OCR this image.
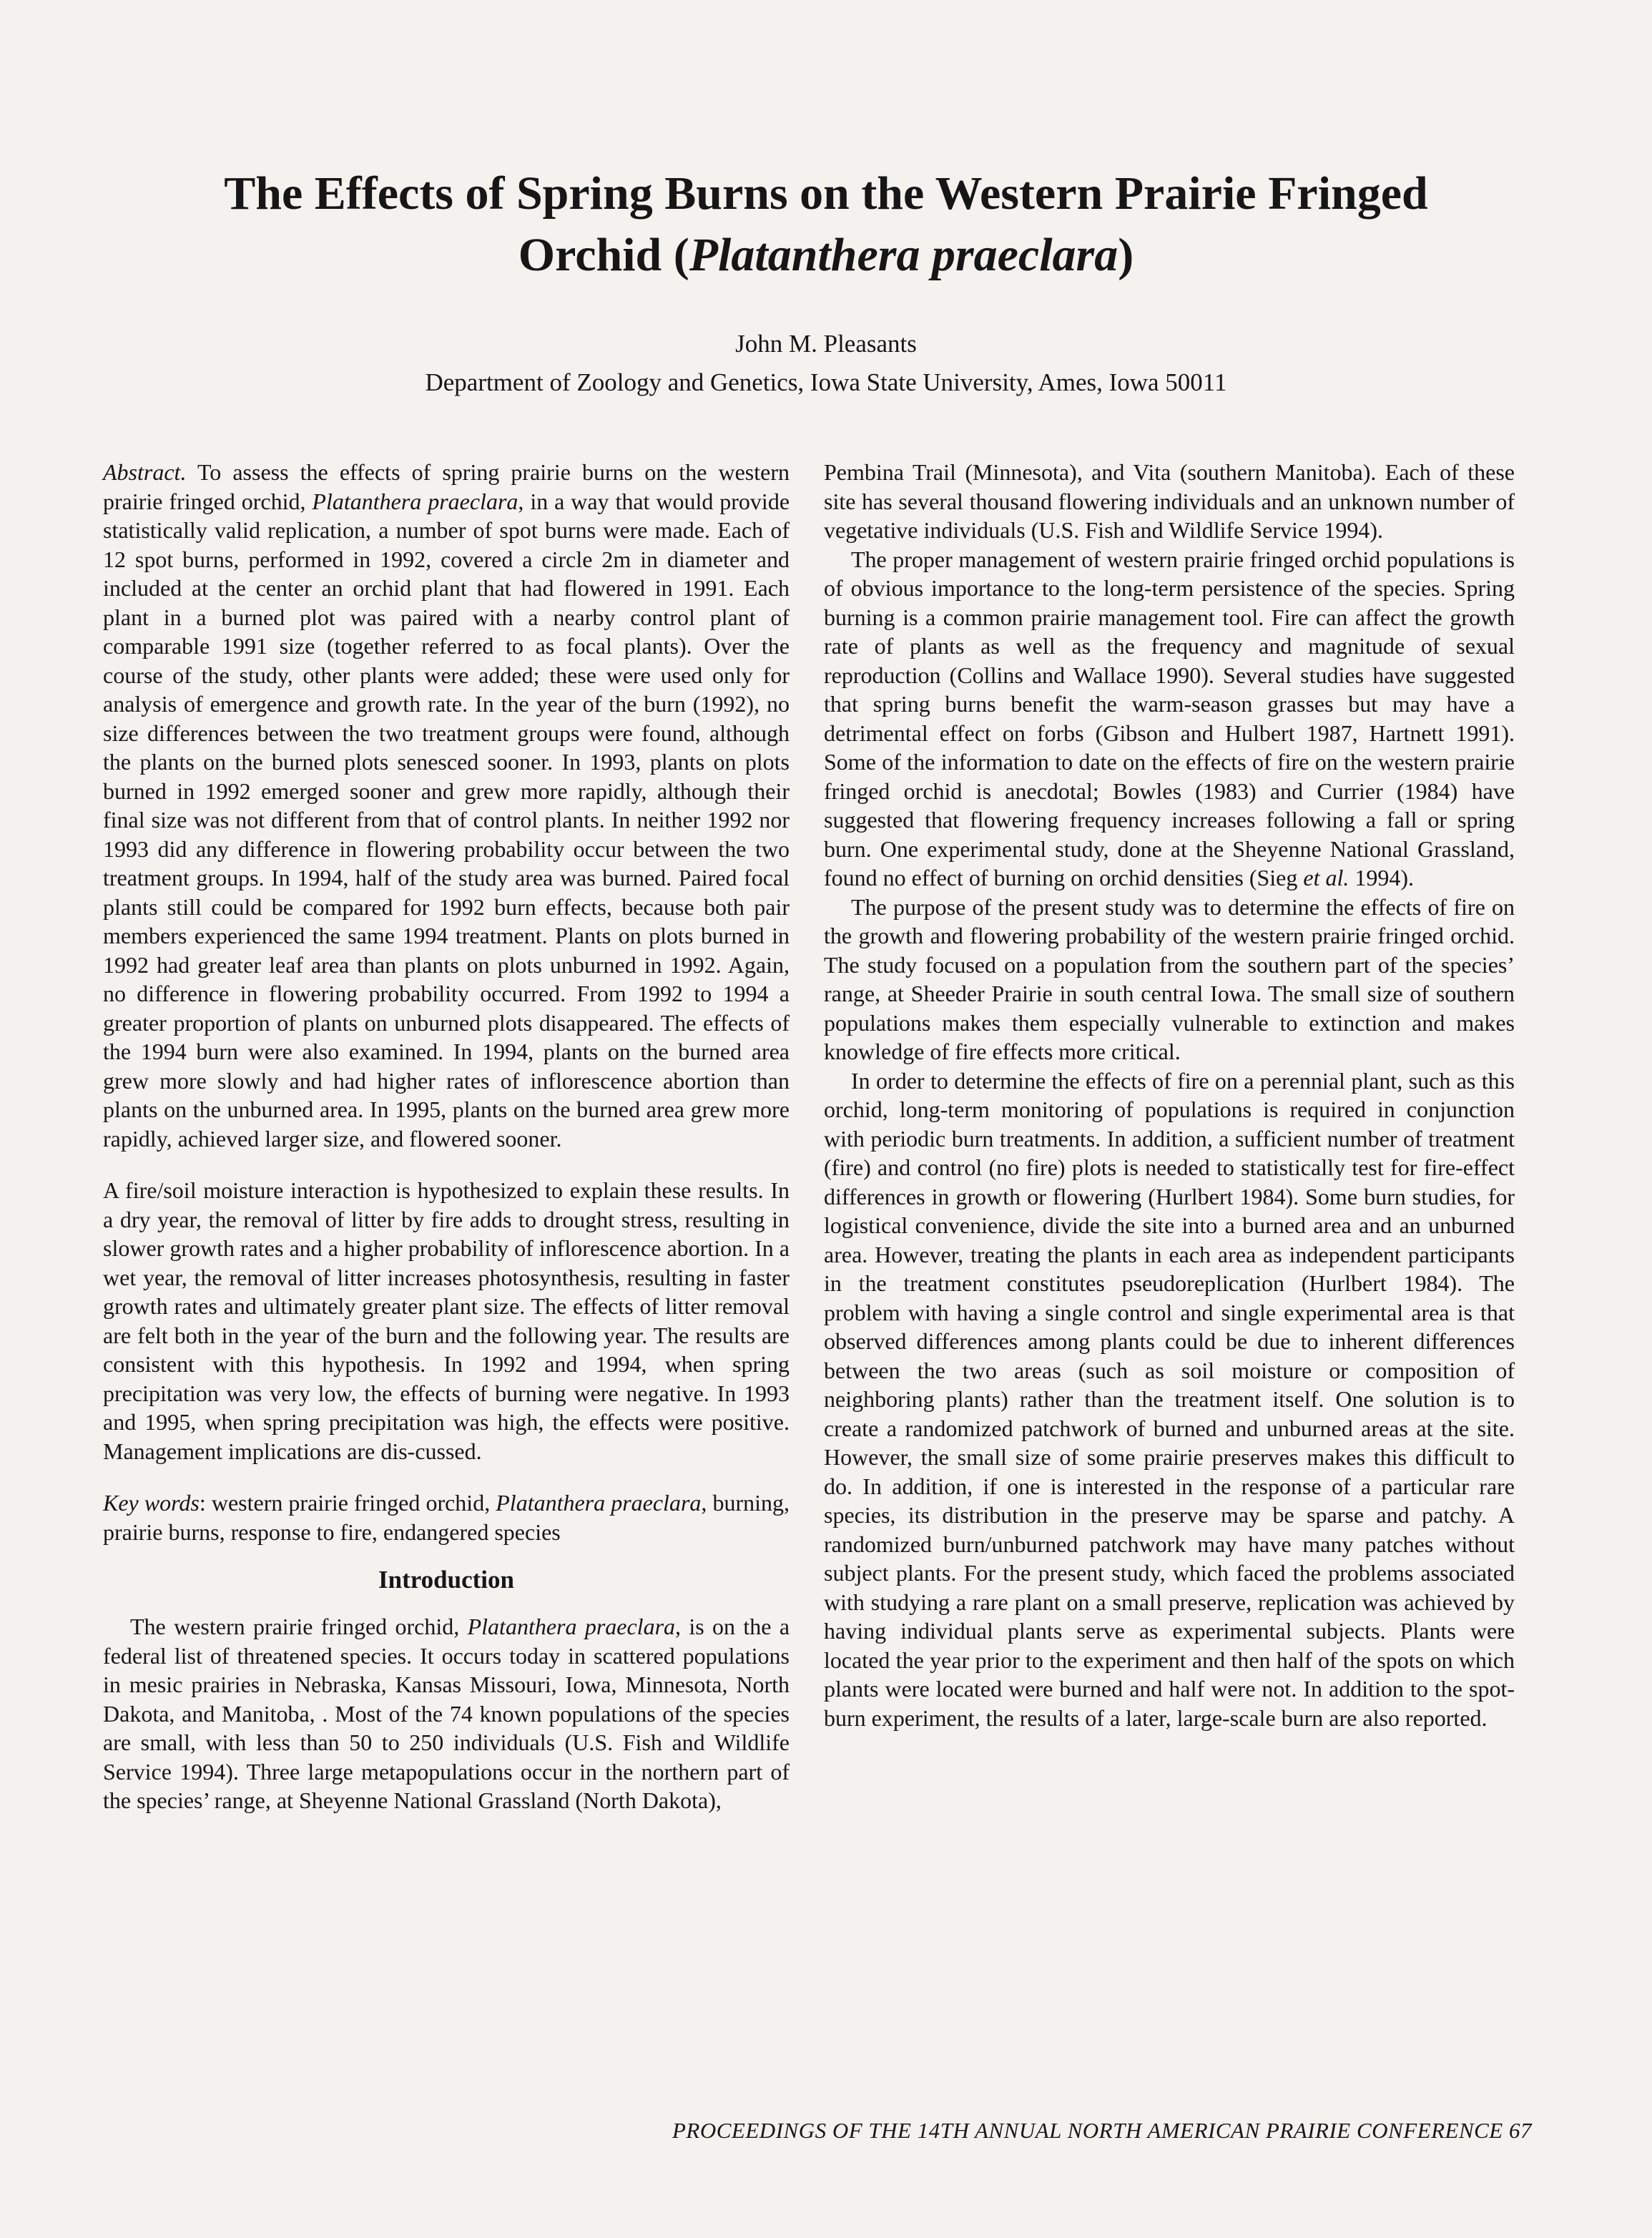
The Effects of Spring Burns on the Western Prairie Fringed
Orchid (Platanthera praeclara)
John M. Pleasants
Department of Zoology and Genetics, Iowa State University, Ames, Iowa 50011

Abstract. To assess the effects of spring prairie burns on the western prairie fringed orchid, Platanthera praeclara, in a way that would provide statistically valid replication, a number of spot burns were made. Each of 12 spot burns, performed in 1992, covered a circle 2m in diameter and included at the center an orchid plant that had flowered in 1991. Each plant in a burned plot was paired with a nearby control plant of comparable 1991 size (together referred to as focal plants). Over the course of the study, other plants were added; these were used only for analysis of emergence and growth rate. In the year of the burn (1992), no size differences between the two treatment groups were found, although the plants on the burned plots senesced sooner. In 1993, plants on plots burned in 1992 emerged sooner and grew more rapidly, although their final size was not different from that of control plants. In neither 1992 nor 1993 did any difference in flowering probability occur between the two treatment groups. In 1994, half of the study area was burned. Paired focal plants still could be compared for 1992 burn effects, because both pair members experienced the same 1994 treatment. Plants on plots burned in 1992 had greater leaf area than plants on plots unburned in 1992. Again, no difference in flowering probability occurred. From 1992 to 1994 a greater proportion of plants on unburned plots disappeared. The effects of the 1994 burn were also examined. In 1994, plants on the burned area grew more slowly and had higher rates of inflorescence abortion than plants on the unburned area. In 1995, plants on the burned area grew more rapidly, achieved larger size, and flowered sooner.

A fire/soil moisture interaction is hypothesized to explain these results. In a dry year, the removal of litter by fire adds to drought stress, resulting in slower growth rates and a higher probability of inflorescence abortion. In a wet year, the removal of litter increases photosynthesis, resulting in faster growth rates and ultimately greater plant size. The effects of litter removal are felt both in the year of the burn and the following year. The results are consistent with this hypothesis. In 1992 and 1994, when spring precipitation was very low, the effects of burning were negative. In 1993 and 1995, when spring precipitation was high, the effects were positive. Management implications are dis-cussed.

Key words: western prairie fringed orchid, Platanthera praeclara, burning, prairie burns, response to fire, endangered species

Introduction

The western prairie fringed orchid, Platanthera praeclara, is on the a federal list of threatened species. It occurs today in scattered populations in mesic prairies in Nebraska, Kansas Missouri, Iowa, Minnesota, North Dakota, and Manitoba, . Most of the 74 known populations of the species are small, with less than 50 to 250 individuals (U.S. Fish and Wildlife Service 1994). Three large metapopulations occur in the northern part of the species’ range, at Sheyenne National Grassland (North Dakota),

Pembina Trail (Minnesota), and Vita (southern Manitoba). Each of these site has several thousand flowering individuals and an unknown number of vegetative individuals (U.S. Fish and Wildlife Service 1994).

The proper management of western prairie fringed orchid populations is of obvious importance to the long-term persistence of the species. Spring burning is a common prairie management tool. Fire can affect the growth rate of plants as well as the frequency and magnitude of sexual reproduction (Collins and Wallace 1990). Several studies have suggested that spring burns benefit the warm-season grasses but may have a detrimental effect on forbs (Gibson and Hulbert 1987, Hartnett 1991). Some of the information to date on the effects of fire on the western prairie fringed orchid is anecdotal; Bowles (1983) and Currier (1984) have suggested that flowering frequency increases following a fall or spring burn. One experimental study, done at the Sheyenne National Grassland, found no effect of burning on orchid densities (Sieg et al. 1994).

The purpose of the present study was to determine the effects of fire on the growth and flowering probability of the western prairie fringed orchid. The study focused on a population from the southern part of the species’ range, at Sheeder Prairie in south central Iowa. The small size of southern populations makes them especially vulnerable to extinction and makes knowledge of fire effects more critical.

In order to determine the effects of fire on a perennial plant, such as this orchid, long-term monitoring of populations is required in conjunction with periodic burn treatments. In addition, a sufficient number of treatment (fire) and control (no fire) plots is needed to statistically test for fire-effect differences in growth or flowering (Hurlbert 1984). Some burn studies, for logistical convenience, divide the site into a burned area and an unburned area. However, treating the plants in each area as independent participants in the treatment constitutes pseudoreplication (Hurlbert 1984). The problem with having a single control and single experimental area is that observed differences among plants could be due to inherent differences between the two areas (such as soil moisture or composition of neighboring plants) rather than the treatment itself. One solution is to create a randomized patchwork of burned and unburned areas at the site. However, the small size of some prairie preserves makes this difficult to do. In addition, if one is interested in the response of a particular rare species, its distribution in the preserve may be sparse and patchy. A randomized burn/unburned patchwork may have many patches without subject plants. For the present study, which faced the problems associated with studying a rare plant on a small preserve, replication was achieved by having individual plants serve as experimental subjects. Plants were located the year prior to the experiment and then half of the spots on which plants were located were burned and half were not. In addition to the spot-burn experiment, the results of a later, large-scale burn are also reported.

PROCEEDINGS OF THE 14TH ANNUAL NORTH AMERICAN PRAIRIE CONFERENCE 67
